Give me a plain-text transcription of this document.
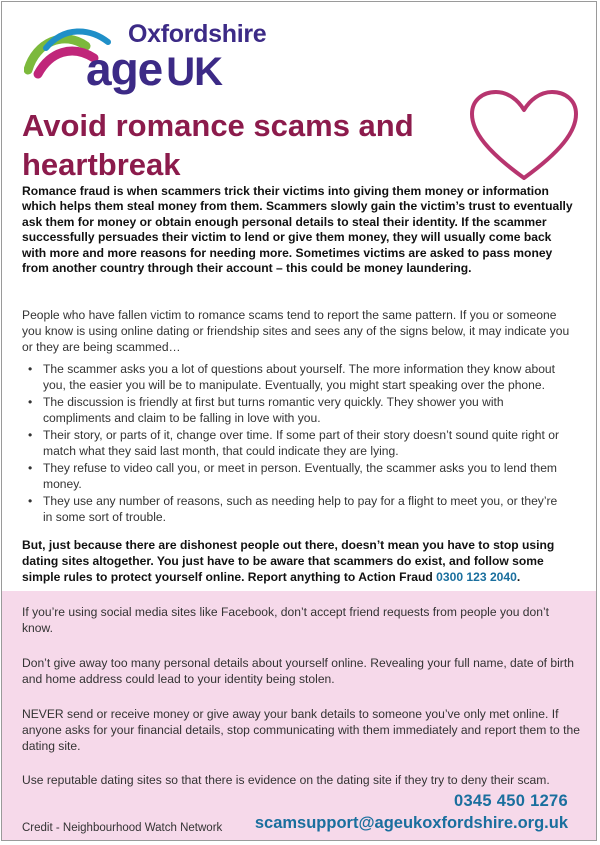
Oxfordshire
age UK
Avoid romance scams and heartbreak

Romance fraud is when scammers trick their victims into giving them money or information which helps them steal money from them. Scammers slowly gain the victim’s trust to eventually ask them for money or obtain enough personal details to steal their identity. If the scammer successfully persuades their victim to lend or give them money, they will usually come back with more and more reasons for needing more. Sometimes victims are asked to pass money from another country through their account – this could be money laundering.

People who have fallen victim to romance scams tend to report the same pattern. If you or someone you know is using online dating or friendship sites and sees any of the signs below, it may indicate you or they are being scammed…

• The scammer asks you a lot of questions about yourself. The more information they know about you, the easier you will be to manipulate. Eventually, you might start speaking over the phone.
• The discussion is friendly at first but turns romantic very quickly. They shower you with compliments and claim to be falling in love with you.
• Their story, or parts of it, change over time. If some part of their story doesn’t sound quite right or match what they said last month, that could indicate they are lying.
• They refuse to video call you, or meet in person. Eventually, the scammer asks you to lend them money.
• They use any number of reasons, such as needing help to pay for a flight to meet you, or they’re in some sort of trouble.

But, just because there are dishonest people out there, doesn’t mean you have to stop using dating sites altogether. You just have to be aware that scammers do exist, and follow some simple rules to protect yourself online. Report anything to Action Fraud 0300 123 2040.

If you’re using social media sites like Facebook, don’t accept friend requests from people you don’t know.

Don’t give away too many personal details about yourself online. Revealing your full name, date of birth and home address could lead to your identity being stolen.

NEVER send or receive money or give away your bank details to someone you’ve only met online. If anyone asks for your financial details, stop communicating with them immediately and report them to the dating site.

Use reputable dating sites so that there is evidence on the dating site if they try to deny their scam.

0345 450 1276
scamsupport@ageukoxfordshire.org.uk
Credit - Neighbourhood Watch Network
